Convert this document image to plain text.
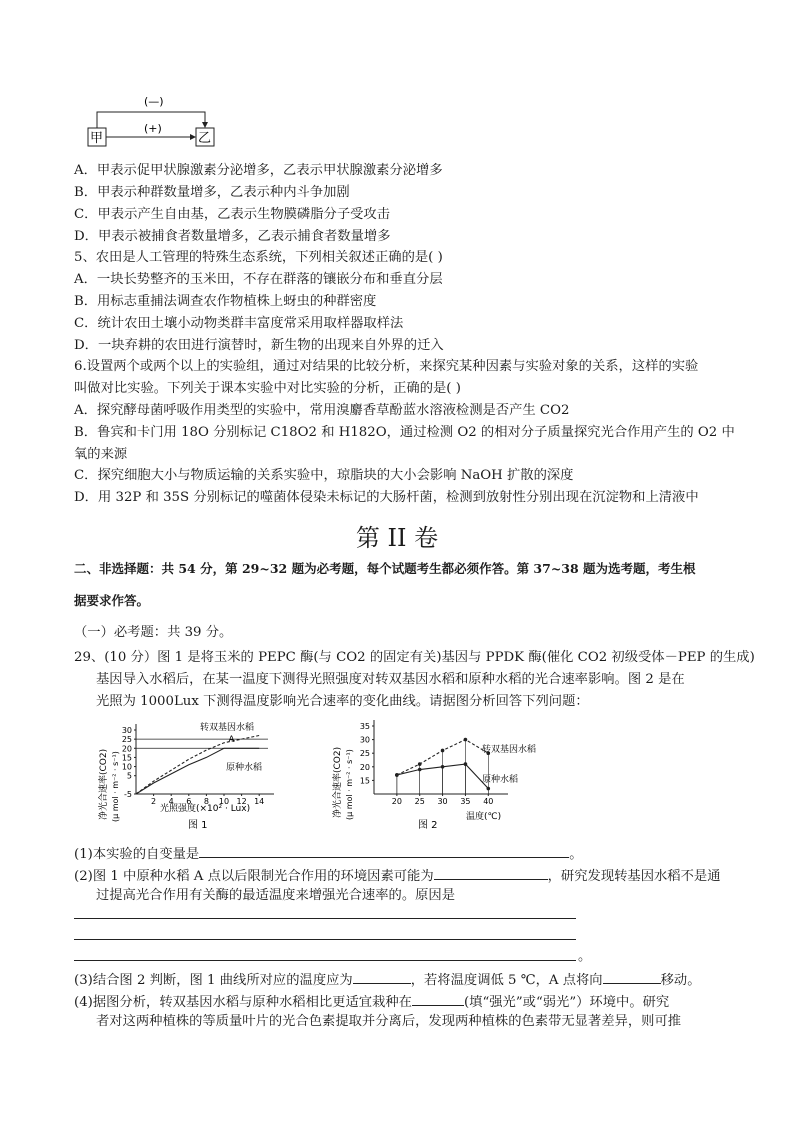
(—)
(+)
甲	乙
A．甲表示促甲状腺激素分泌增多，乙表示甲状腺激素分泌增多
B．甲表示种群数量增多，乙表示种内斗争加剧
C．甲表示产生自由基，乙表示生物膜磷脂分子受攻击
D．甲表示被捕食者数量增多，乙表示捕食者数量增多
5、农田是人工管理的特殊生态系统，下列相关叙述正确的是( )
A．一块长势整齐的玉米田，不存在群落的镶嵌分布和垂直分层
B．用标志重捕法调查农作物植株上蚜虫的种群密度
C．统计农田土壤小动物类群丰富度常采用取样器取样法
D．一块弃耕的农田进行演替时，新生物的出现来自外界的迁入
6.设置两个或两个以上的实验组，通过对结果的比较分析，来探究某种因素与实验对象的关系，这样的实验
叫做对比实验。下列关于课本实验中对比实验的分析，正确的是( )
A．探究酵母菌呼吸作用类型的实验中，常用溴麝香草酚蓝水溶液检测是否产生 CO2
B．鲁宾和卡门用 18O 分别标记 C18O2 和 H182O，通过检测 O2 的相对分子质量探究光合作用产生的 O2 中
氧的来源
C．探究细胞大小与物质运输的关系实验中，琼脂块的大小会影响 NaOH 扩散的深度
D．用 32P 和 35S 分别标记的噬菌体侵染未标记的大肠杆菌，检测到放射性分别出现在沉淀物和上清液中
第 II 卷
二、非选择题：共 54 分，第 29~32 题为必考题，每个试题考生都必须作答。第 37~38 题为选考题，考生根
据要求作答。
（一）必考题：共 39 分。
29、(10 分）图 1 是将玉米的 PEPC 酶(与 CO2 的固定有关)基因与 PPDK 酶(催化 CO2 初级受体－PEP 的生成)
基因导入水稻后，在某一温度下测得光照强度对转双基因水稻和原种水稻的光合速率影响。图 2 是在
光照为 1000Lux 下测得温度影响光合速率的变化曲线。请据图分析回答下列问题：
-5
5
10
15
20
25
30
2 4 6 8 10 12 14
转双基因水稻
原种水稻
A
净光合速率(CO2) (μ mol · m⁻² · s⁻¹)	光照强度(×10² · Lux)
图 1
15
20
25
30
35
20 25 30 35 40
转双基因水稻
原种水稻
净光合速率(CO2) (μ mol · m⁻² · s⁻¹)	温度(℃)
图 2
(1)本实验的自变量是	。
(2)图 1 中原种水稻 A 点以后限制光合作用的环境因素可能为	，研究发现转基因水稻不是通
过提高光合作用有关酶的最适温度来增强光合速率的。原因是
。
(3)结合图 2 判断，图 1 曲线所对应的温度应为	，若将温度调低 5 ℃，A 点将向	移动。
(4)据图分析，转双基因水稻与原种水稻相比更适宜栽种在	(填“强光”或“弱光”）环境中。研究
者对这两种植株的等质量叶片的光合色素提取并分离后，发现两种植株的色素带无显著差异，则可推
